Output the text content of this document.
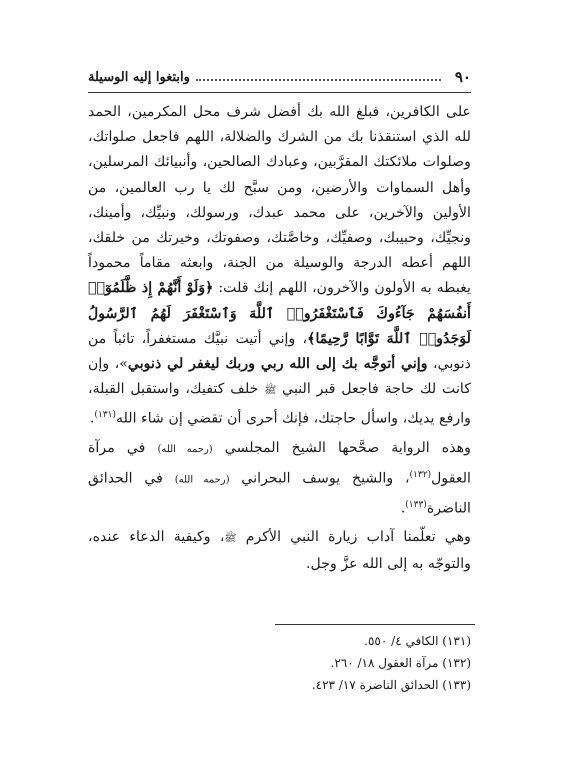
٩٠
وابتغوا إليه الوسيلة

على الكافرين، فبلغ الله بك أفضل شرف محل المكرمين، الحمد لله الذي استنقذنا بك من الشرك والضلالة، اللهم فاجعل صلواتك، وصلوات ملائكتك المقرَّبين، وعبادك الصالحين، وأنبيائك المرسلين، وأهل السماوات والأرضين، ومن سبَّح لك يا رب العالمين، من الأولين والآخرين، على محمد عبدك، ورسولك، ونبيِّك، وأمينك، ونجيِّك، وحبيبك، وصفيِّك، وخاصَّتك، وصفوتك، وخيرتك من خلقك، اللهم أعطه الدرجة والوسيلة من الجنة، وابعثه مقاماً محموداً يغبطه به الأولون والآخرون، اللهم إنك قلت: ﴿وَلَوْ أَنَّهُمْ إِذ ظَّلَمُوٓا۟ أَنفُسَهُمْ جَآءُوكَ فَٱسْتَغْفَرُوا۟ ٱللَّهَ وَٱسْتَغْفَرَ لَهُمُ ٱلرَّسُولُ لَوَجَدُوا۟ ٱللَّهَ تَوَّابًا رَّحِيمًا﴾، وإني أتيت نبيَّك مستغفراً، تائباً من ذنوبي، وإني أتوجَّه بك إلى الله ربي وربك ليغفر لي ذنوبي»، وإن كانت لك حاجة فاجعل قبر النبي ﷺ خلف كتفيك، واستقبل القبلة، وارفع يديك، واسأل حاجتك، فإنك أحرى أن تقضي إن شاء الله$^{(١٣١)}$.

وهذه الرواية صحَّحها الشيخ المجلسي (رحمه الله) في مرآة العقول$^{(١٣٢)}$، والشيخ يوسف البحراني (رحمه الله) في الحدائق الناضرة$^{(١٣٣)}$.

وهي تعلّمنا آداب زيارة النبي الأكرم ﷺ، وكيفية الدعاء عنده، والتوجّه به إلى الله عزَّ وجل.

(١٣١) الكافي ٤/ ٥٥٠.
(١٣٢) مرآة العقول ١٨/ ٢٦٠.
(١٣٣) الحدائق الناضرة ١٧/ ٤٢٣.
